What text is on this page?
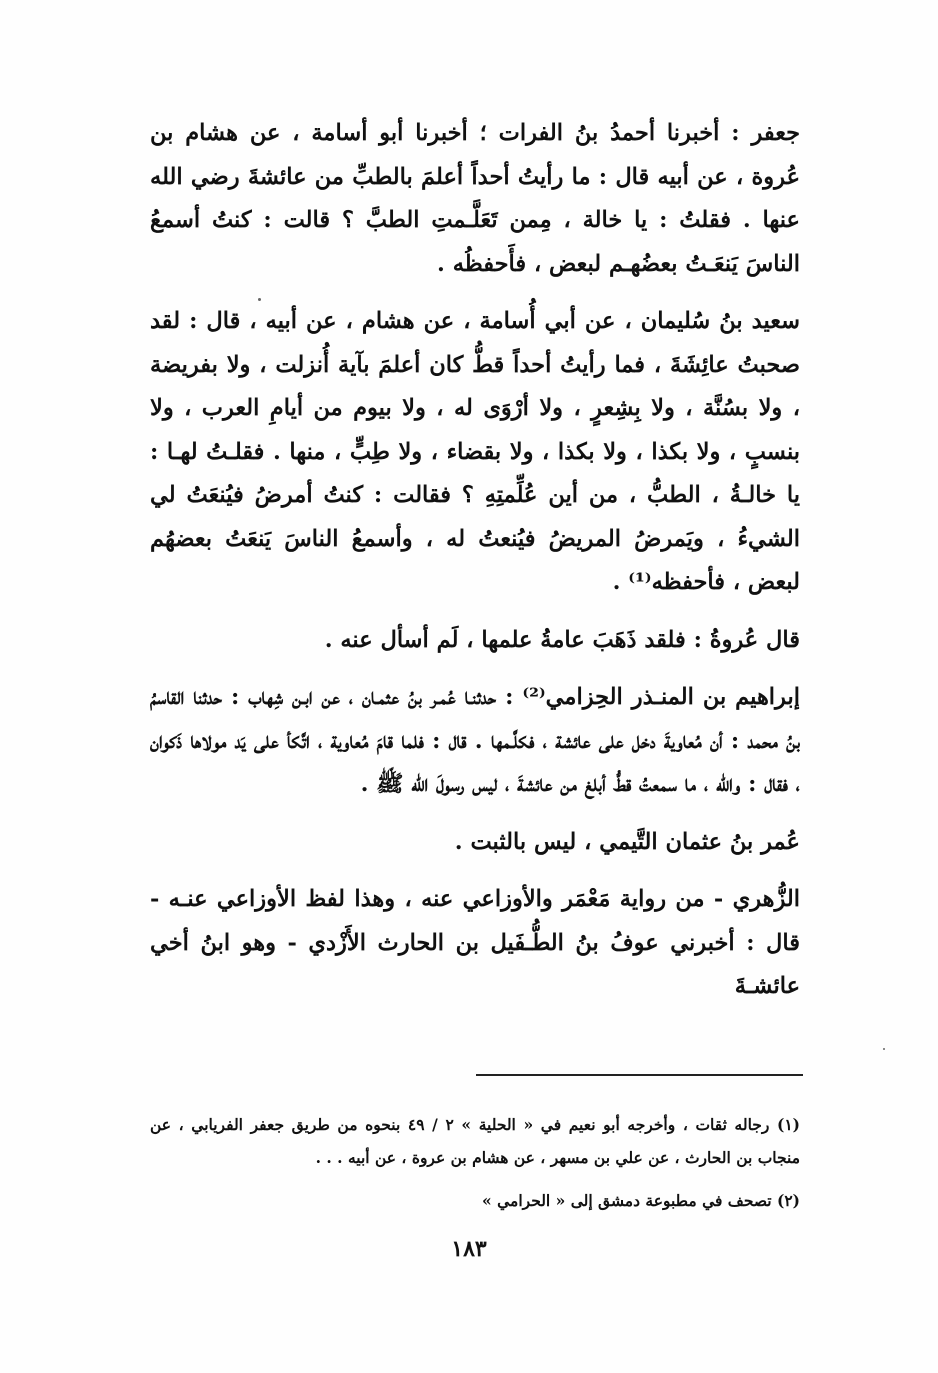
جعفر : أخبرنا أحمدُ بنُ الفرات ؛ أخبرنا أبو أسامة ، عن هشام بن عُروة ، عن أبيه قال : ما رأيتُ أحداً أعلمَ بالطبِّ من عائشةَ رضي الله عنها . فقلتُ : يا خالة ، مِمن تَعَلَّـمتِ الطبَّ ؟ قالت : كنتُ أسمعُ الناسَ يَنعَـتُ بعضُهـم لبعض ، فأَحفظُه .

سعيد بنُ سُليمان ، عن أبي أُسامة ، عن هشام ، عن أبيه ، قال : لقد صحبتُ عائِشَةَ ، فما رأيتُ أحداً قطُّ كان أعلمَ بآية أُنزلت ، ولا بفريضة ، ولا بسُنَّة ، ولا بِشِعرٍ ، ولا أرْوَى له ، ولا بيوم من أيامِ العرب ، ولا بنسبٍ ، ولا بكذا ، ولا بكذا ، ولا بقضاء ، ولا طِبٍّ ، منها . فقلـتُ لهـا : يا خالـةُ ، الطبُّ ، من أين عُلِّمتِهِ ؟ فقالت : كنتُ أمرضُ فيُنعَتُ لي الشيءُ ، ويَمرضُ المريضُ فيُنعتُ له ، وأسمعُ الناسَ يَنعَتُ بعضهُم لبعض ، فأحفظه⁽¹⁾ .

قال عُروةُ : فلقد ذَهَبَ عامةُ علمها ، لَم أسأل عنه .

إبراهيم بن المنـذر الحِزامي⁽²⁾ : حدثنـا عُمـر بنُ عثمـان ، عن ابـن شِهاب : حدثنا القاسمُ بنُ محمد : أن مُعاويةَ دخل على عائشة ، فكلَّـمها . قال : فلما قامَ مُعاوية ، اتَّكأ على يَد مولاها ذَكوان ، فقال : والله ، ما سمعتُ قطُّ أبلغ من عائشةَ ، ليس رسولَ الله ﷺ .

عُمر بنُ عثمان التَّيمي ، ليس بالثبت .

الزُّهري - من رواية مَعْمَر والأوزاعي عنه ، وهذا لفظ الأوزاعي عنـه - قال : أخبرني عوفُ بنُ الطُّـفَيل بن الحارث الأَزْدي - وهو ابنُ أخي عائشـةَ

(١) رجاله ثقات ، وأخرجه أبو نعيم في « الحلية » ٢ / ٤٩ بنحوه من طريق جعفر الفريابي ، عن منجاب بن الحارث ، عن علي بن مسهر ، عن هشام بن عروة ، عن أبيه . . .

(٢) تصحف في مطبوعة دمشق إلى « الحرامي »

١٨٣
